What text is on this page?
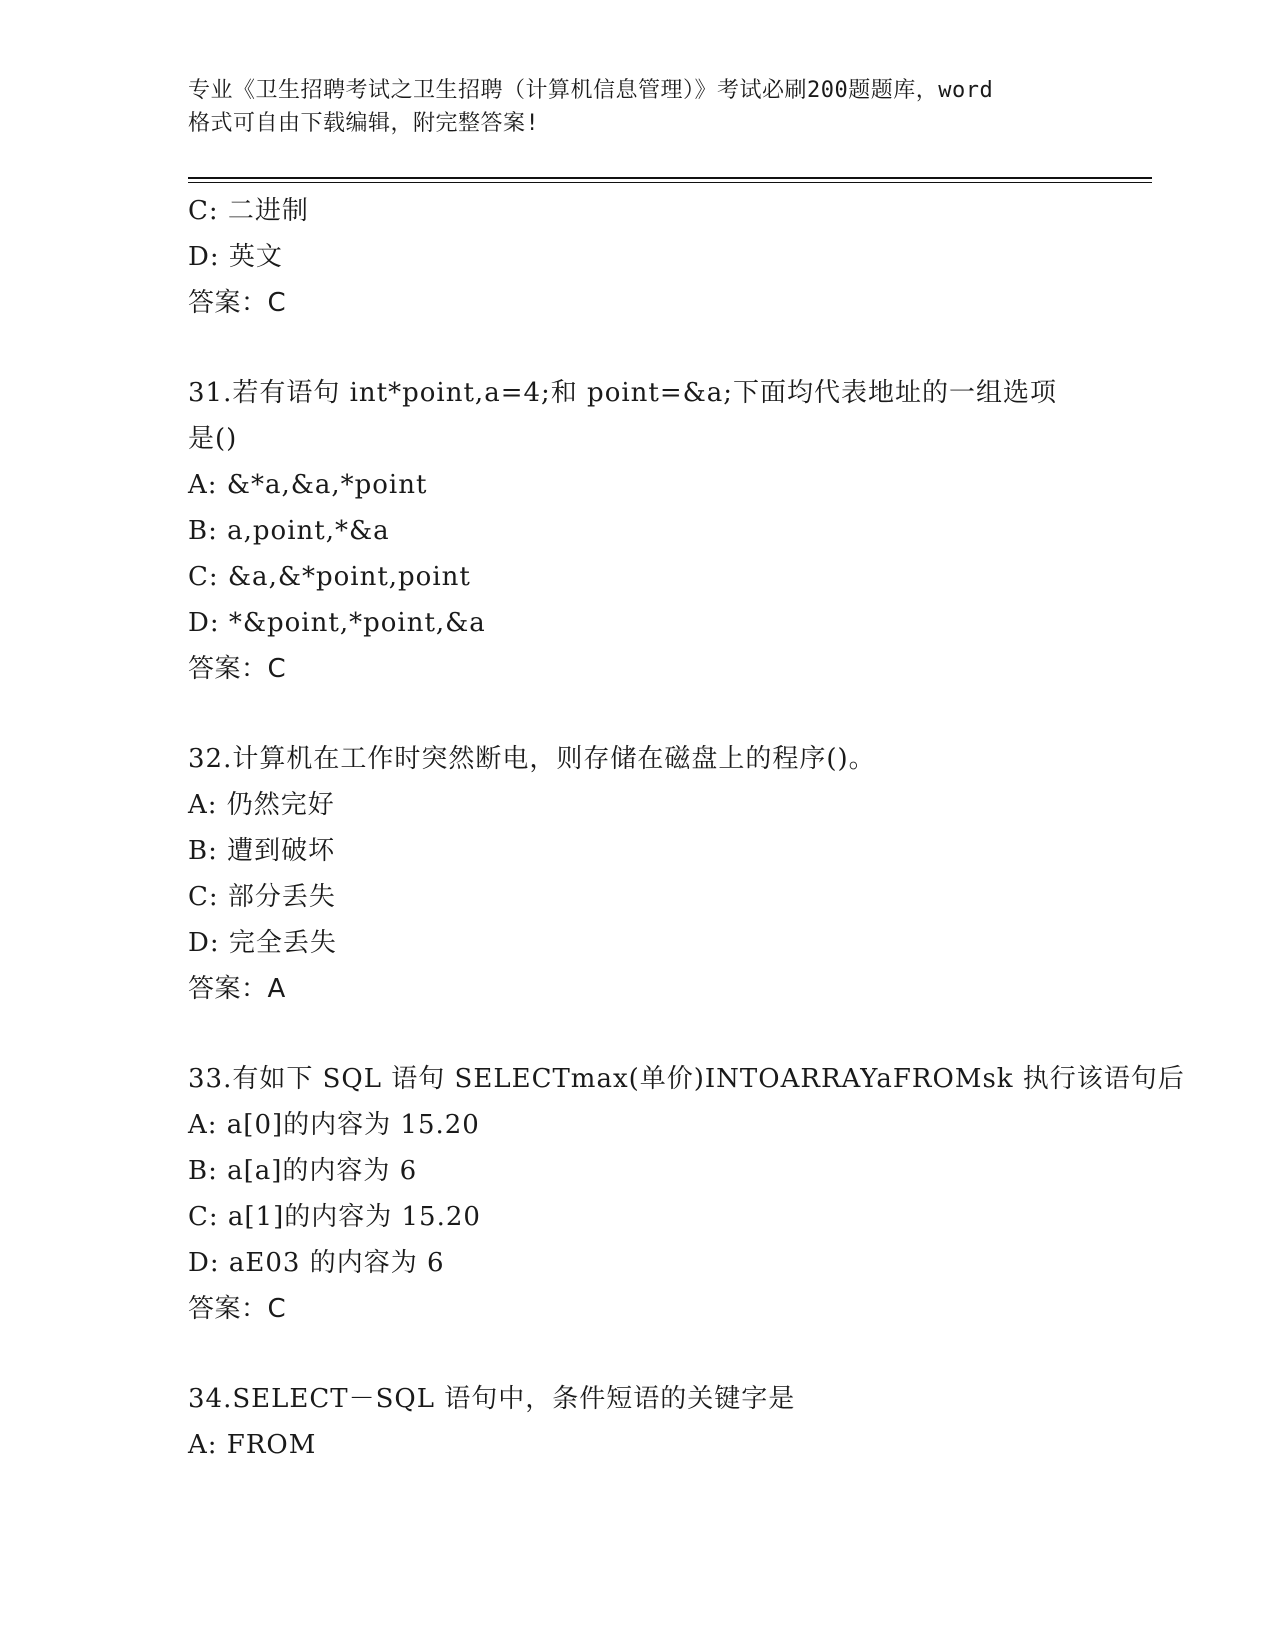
专业《卫生招聘考试之卫生招聘（计算机信息管理）》考试必刷200题题库，word
格式可自由下载编辑，附完整答案!
C: 二进制
D: 英文
答案：C
31.若有语句 int*point,a=4;和 point=&a;下面均代表地址的一组选项
是()
A: &*a,&a,*point
B: a,point,*&a
C: &a,&*point,point
D: *&point,*point,&a
答案：C
32.计算机在工作时突然断电，则存储在磁盘上的程序()。
A: 仍然完好
B: 遭到破坏
C: 部分丢失
D: 完全丢失
答案：A
33.有如下 SQL 语句 SELECTmax(单价)INTOARRAYaFROMsk 执行该语句后
A: a[0]的内容为 15.20
B: a[a]的内容为 6
C: a[1]的内容为 15.20
D: aE03 的内容为 6
答案：C
34.SELECT－SQL 语句中，条件短语的关键字是
A: FROM
